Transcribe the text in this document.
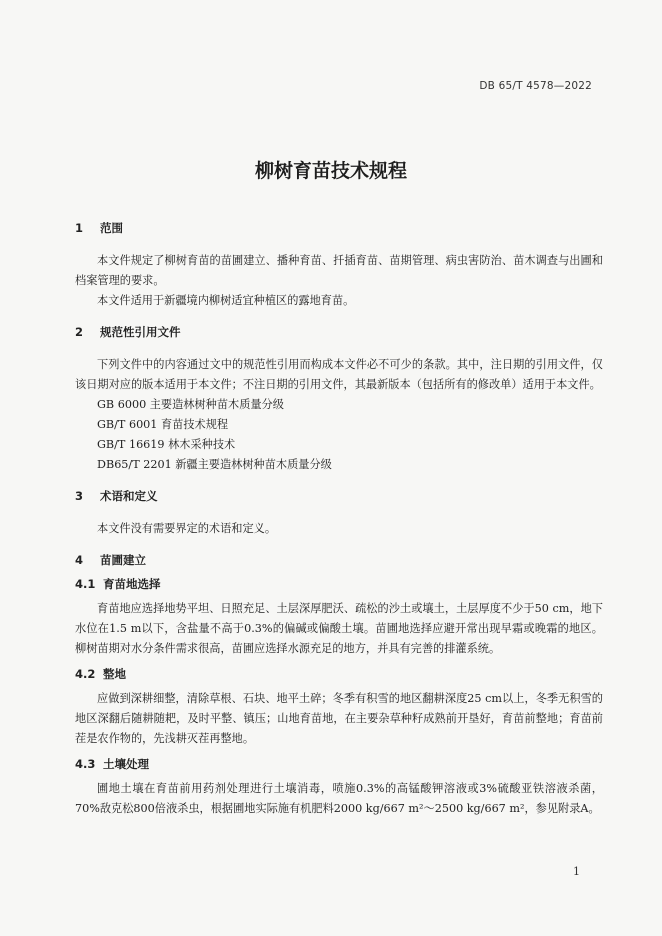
DB 65/T 4578—2022
柳树育苗技术规程
1 范围

本文件规定了柳树育苗的苗圃建立、播种育苗、扦插育苗、苗期管理、病虫害防治、苗木调查与出圃和档案管理的要求。

本文件适用于新疆境内柳树适宜种植区的露地育苗。

2 规范性引用文件

下列文件中的内容通过文中的规范性引用而构成本文件必不可少的条款。其中，注日期的引用文件，仅该日期对应的版本适用于本文件；不注日期的引用文件，其最新版本（包括所有的修改单）适用于本文件。

GB 6000 主要造林树种苗木质量分级

GB/T 6001 育苗技术规程

GB/T 16619 林木采种技术

DB65/T 2201 新疆主要造林树种苗木质量分级

3 术语和定义

本文件没有需要界定的术语和定义。

4 苗圃建立
4.1 育苗地选择

育苗地应选择地势平坦、日照充足、土层深厚肥沃、疏松的沙土或壤土，土层厚度不少于50 cm，地下水位在1.5 m以下，含盐量不高于0.3%的偏碱或偏酸土壤。苗圃地选择应避开常出现早霜或晚霜的地区。柳树苗期对水分条件需求很高，苗圃应选择水源充足的地方，并具有完善的排灌系统。

4.2 整地

应做到深耕细整，清除草根、石块、地平土碎；冬季有积雪的地区翻耕深度25 cm以上，冬季无积雪的地区深翻后随耕随耙，及时平整、镇压；山地育苗地，在主要杂草种籽成熟前开垦好，育苗前整地；育苗前茬是农作物的，先浅耕灭茬再整地。

4.3 土壤处理

圃地土壤在育苗前用药剂处理进行土壤消毒，喷施0.3%的高锰酸钾溶液或3%硫酸亚铁溶液杀菌，70%敌克松800倍液杀虫，根据圃地实际施有机肥料2000 kg/667 m²～2500 kg/667 m²，参见附录A。

1
